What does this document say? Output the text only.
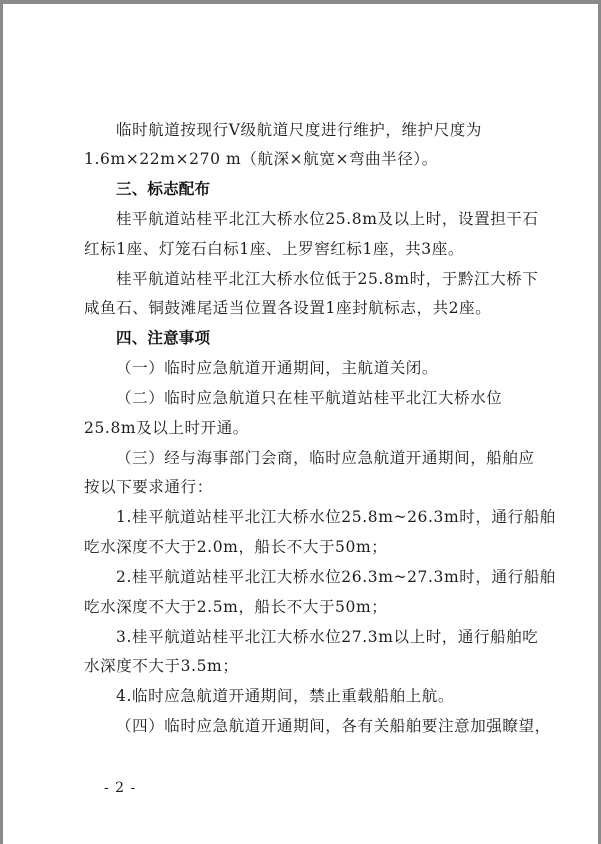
临时航道按现行Ⅴ级航道尺度进行维护，维护尺度为
1.6m×22m×270 m（航深×航宽×弯曲半径）。
三、标志配布
桂平航道站桂平北江大桥水位25.8m及以上时，设置担干石
红标1座、灯笼石白标1座、上罗窖红标1座，共3座。
桂平航道站桂平北江大桥水位低于25.8m时，于黔江大桥下
咸鱼石、铜鼓滩尾适当位置各设置1座封航标志，共2座。
四、注意事项
（一）临时应急航道开通期间，主航道关闭。
（二）临时应急航道只在桂平航道站桂平北江大桥水位
25.8m及以上时开通。
（三）经与海事部门会商，临时应急航道开通期间，船舶应
按以下要求通行：
1.桂平航道站桂平北江大桥水位25.8m~26.3m时，通行船舶
吃水深度不大于2.0m，船长不大于50m；
2.桂平航道站桂平北江大桥水位26.3m~27.3m时，通行船舶
吃水深度不大于2.5m，船长不大于50m；
3.桂平航道站桂平北江大桥水位27.3m以上时，通行船舶吃
水深度不大于3.5m；
4.临时应急航道开通期间，禁止重载船舶上航。
（四）临时应急航道开通期间，各有关船舶要注意加强瞭望，
- 2 -
